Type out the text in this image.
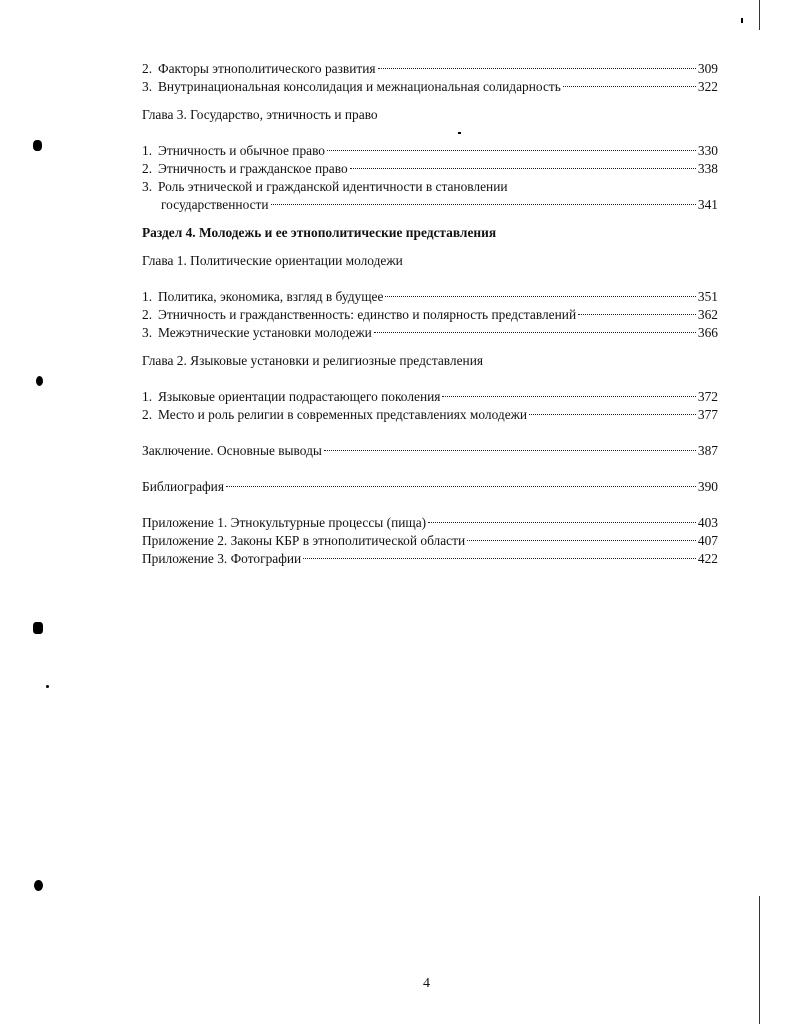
2. Факторы этнополитического развития	309
3. Внутринациональная консолидация и межнациональная солидарность	322
Глава 3. Государство, этничность и право
1. Этничность и обычное право	330
2. Этничность и гражданское право	338
3. Роль этнической и гражданской идентичности в становлении
государственности	341
Раздел 4. Молодежь и ее этнополитические представления
Глава 1. Политические ориентации молодежи
1. Политика, экономика, взгляд в будущее	351
2. Этничность и гражданственность: единство и полярность представлений	362
3. Межэтнические установки молодежи	366
Глава 2. Языковые установки и религиозные представления
1. Языковые ориентации подрастающего поколения	372
2. Место и роль религии в современных представлениях молодежи	377
Заключение. Основные выводы	387
Библиография	390
Приложение 1. Этнокультурные процессы (пища)	403
Приложение 2. Законы КБР в этнополитической области	407
Приложение 3. Фотографии	422
4
